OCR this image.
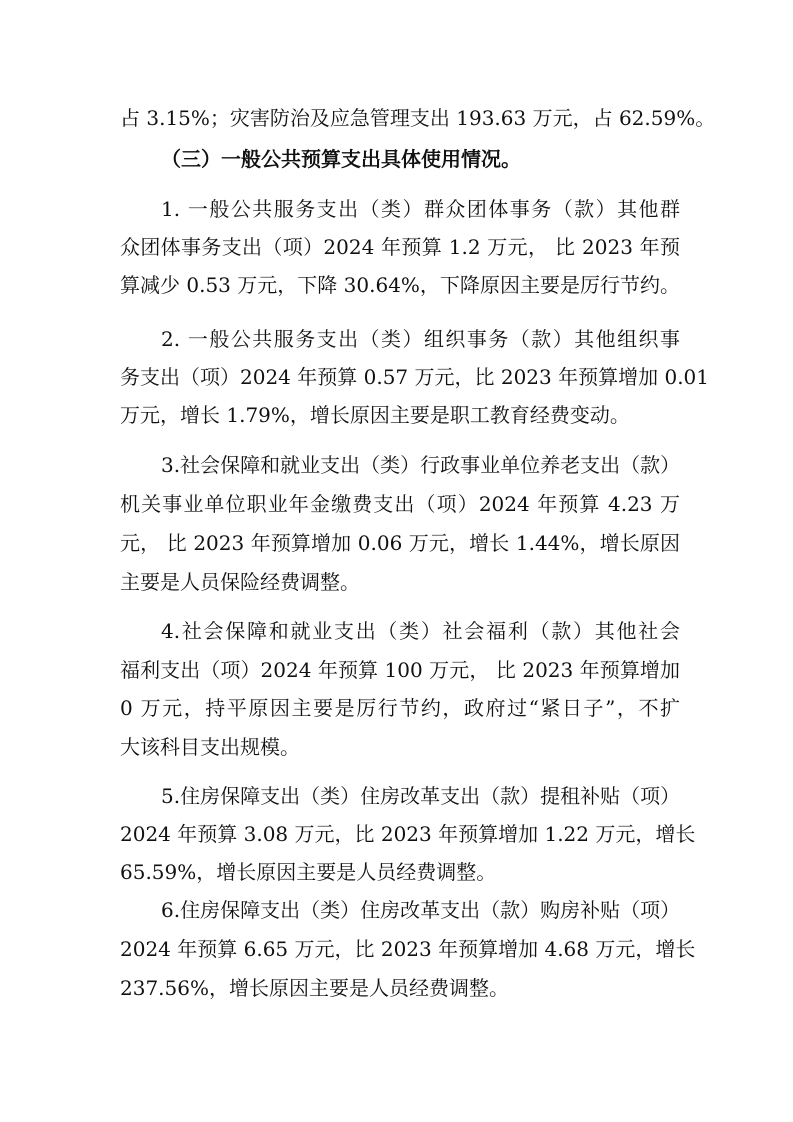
占 3.15%；灾害防治及应急管理支出 193.63 万元，占 62.59%。
（三）一般公共预算支出具体使用情况。
1. 一般公共服务支出（类）群众团体事务（款）其他群
众团体事务支出（项）2024 年预算 1.2 万元， 比 2023 年预
算减少 0.53 万元，下降 30.64%，下降原因主要是厉行节约。
2. 一般公共服务支出（类）组织事务（款）其他组织事
务支出（项）2024 年预算 0.57 万元，比 2023 年预算增加 0.01
万元，增长 1.79%，增长原因主要是职工教育经费变动。
3.社会保障和就业支出（类）行政事业单位养老支出（款）
机关事业单位职业年金缴费支出（项）2024 年预算 4.23 万
元， 比 2023 年预算增加 0.06 万元，增长 1.44%，增长原因
主要是人员保险经费调整。
4.社会保障和就业支出（类）社会福利（款）其他社会
福利支出（项）2024 年预算 100 万元， 比 2023 年预算增加
0 万元，持平原因主要是厉行节约，政府过“紧日子”，不扩
大该科目支出规模。
5.住房保障支出（类）住房改革支出（款）提租补贴（项）
2024 年预算 3.08 万元，比 2023 年预算增加 1.22 万元，增长
65.59%，增长原因主要是人员经费调整。
6.住房保障支出（类）住房改革支出（款）购房补贴（项）
2024 年预算 6.65 万元，比 2023 年预算增加 4.68 万元，增长
237.56%，增长原因主要是人员经费调整。
